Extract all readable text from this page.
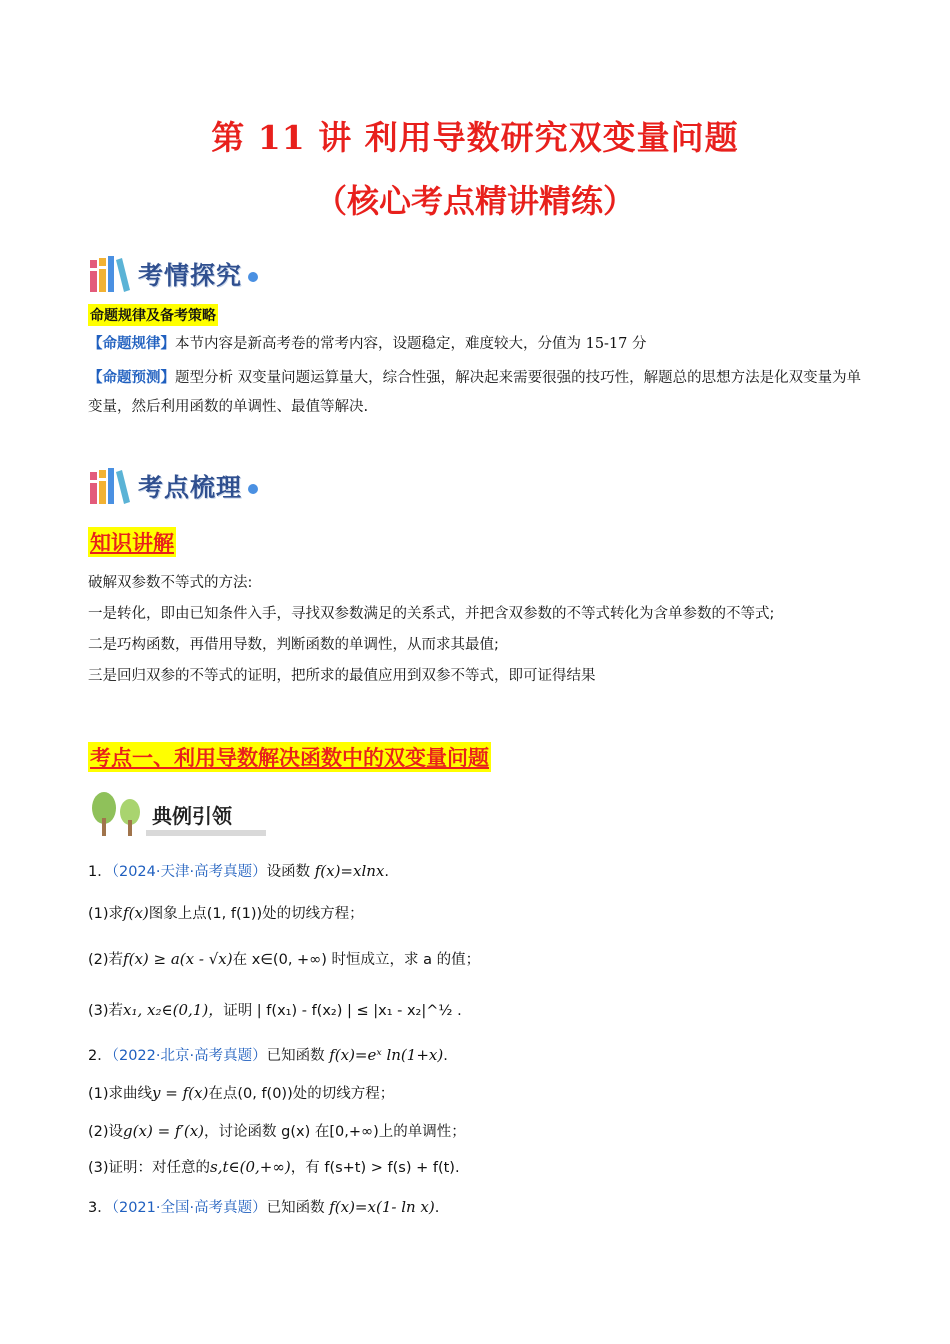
第 11 讲 利用导数研究双变量问题
（核心考点精讲精练）
考情探究
命题规律及备考策略
【命题规律】本节内容是新高考卷的常考内容，设题稳定，难度较大，分值为 15-17 分
【命题预测】题型分析 双变量问题运算量大，综合性强，解决起来需要很强的技巧性，解题总的思想方法是化双变量为单变量，然后利用函数的单调性、最值等解决.
考点梳理
知识讲解
破解双参数不等式的方法:
一是转化，即由已知条件入手，寻找双参数满足的关系式，并把含双参数的不等式转化为含单参数的不等式;
二是巧构函数，再借用导数，判断函数的单调性，从而求其最值;
三是回归双参的不等式的证明，把所求的最值应用到双参不等式，即可证得结果
考点一、利用导数解决函数中的双变量问题
典例引领
1．（2024·天津·高考真题）设函数 f(x)=xlnx.
(1)求f(x)图象上点(1, f(1))处的切线方程；
(2)若f(x) ≥ a(x - √x)在 x∈(0, +∞) 时恒成立，求 a 的值；
(3)若x₁, x₂∈(0,1)，证明 | f(x₁) - f(x₂) | ≤ |x₁ - x₂|^½ .
2．（2022·北京·高考真题）已知函数 f(x)=eˣ ln(1+x).
(1)求曲线y = f(x)在点(0, f(0))处的切线方程；
(2)设g(x) = f′(x)，讨论函数 g(x) 在[0,+∞)上的单调性；
(3)证明：对任意的s,t∈(0,+∞)，有 f(s+t) > f(s) + f(t).
3．（2021·全国·高考真题）已知函数 f(x)=x(1- ln x).
